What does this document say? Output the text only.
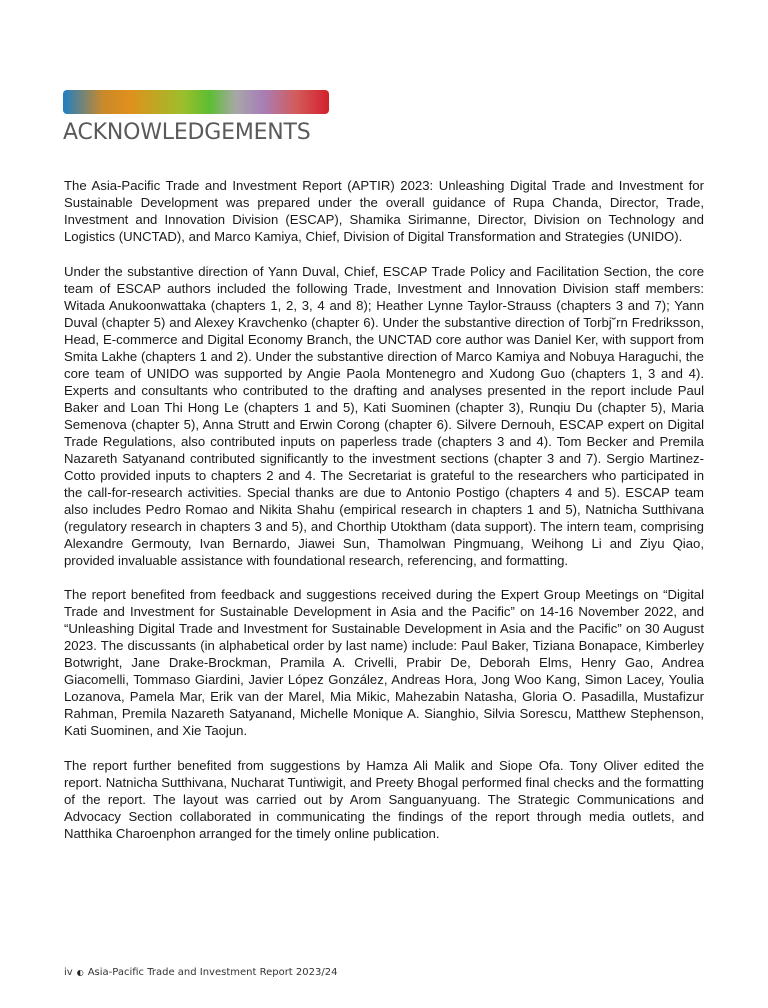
ACKNOWLEDGEMENTS

The Asia-Pacific Trade and Investment Report (APTIR) 2023: Unleashing Digital Trade and Investment for Sustainable Development was prepared under the overall guidance of Rupa Chanda, Director, Trade, Investment and Innovation Division (ESCAP), Shamika Sirimanne, Director, Division on Technology and Logistics (UNCTAD), and Marco Kamiya, Chief, Division of Digital Transformation and Strategies (UNIDO).

Under the substantive direction of Yann Duval, Chief, ESCAP Trade Policy and Facilitation Section, the core team of ESCAP authors included the following Trade, Investment and Innovation Division staff members: Witada Anukoonwattaka (chapters 1, 2, 3, 4 and 8); Heather Lynne Taylor-Strauss (chapters 3 and 7); Yann Duval (chapter 5) and Alexey Kravchenko (chapter 6). Under the substantive direction of Torbj˘rn Fredriksson, Head, E-commerce and Digital Economy Branch, the UNCTAD core author was Daniel Ker, with support from Smita Lakhe (chapters 1 and 2). Under the substantive direction of Marco Kamiya and Nobuya Haraguchi, the core team of UNIDO was supported by Angie Paola Montenegro and Xudong Guo (chapters 1, 3 and 4). Experts and consultants who contributed to the drafting and analyses presented in the report include Paul Baker and Loan Thi Hong Le (chapters 1 and 5), Kati Suominen (chapter 3), Runqiu Du (chapter 5), Maria Semenova (chapter 5), Anna Strutt and Erwin Corong (chapter 6). Silvere Dernouh, ESCAP expert on Digital Trade Regulations, also contributed inputs on paperless trade (chapters 3 and 4). Tom Becker and Premila Nazareth Satyanand contributed significantly to the investment sections (chapter 3 and 7). Sergio Martinez-Cotto provided inputs to chapters 2 and 4. The Secretariat is grateful to the researchers who participated in the call-for-research activities. Special thanks are due to Antonio Postigo (chapters 4 and 5). ESCAP team also includes Pedro Romao and Nikita Shahu (empirical research in chapters 1 and 5), Natnicha Sutthivana (regulatory research in chapters 3 and 5), and Chorthip Utoktham (data support). The intern team, comprising Alexandre Germouty, Ivan Bernardo, Jiawei Sun, Thamolwan Pingmuang, Weihong Li and Ziyu Qiao, provided invaluable assistance with foundational research, referencing, and formatting.

The report benefited from feedback and suggestions received during the Expert Group Meetings on “Digital Trade and Investment for Sustainable Development in Asia and the Pacific” on 14-16 November 2022, and “Unleashing Digital Trade and Investment for Sustainable Development in Asia and the Pacific” on 30 August 2023. The discussants (in alphabetical order by last name) include: Paul Baker, Tiziana Bonapace, Kimberley Botwright, Jane Drake-Brockman, Pramila A. Crivelli, Prabir De, Deborah Elms, Henry Gao, Andrea Giacomelli, Tommaso Giardini, Javier López González, Andreas Hora, Jong Woo Kang, Simon Lacey, Youlia Lozanova, Pamela Mar, Erik van der Marel, Mia Mikic, Mahezabin Natasha, Gloria O. Pasadilla, Mustafizur Rahman, Premila Nazareth Satyanand, Michelle Monique A. Sianghio, Silvia Sorescu, Matthew Stephenson, Kati Suominen, and Xie Taojun.

The report further benefited from suggestions by Hamza Ali Malik and Siope Ofa. Tony Oliver edited the report. Natnicha Sutthivana, Nucharat Tuntiwigit, and Preety Bhogal performed final checks and the formatting of the report. The layout was carried out by Arom Sanguanyuang. The Strategic Communications and Advocacy Section collaborated in communicating the findings of the report through media outlets, and Natthika Charoenphon arranged for the timely online publication.

iv ◐ Asia-Pacific Trade and Investment Report 2023/24
